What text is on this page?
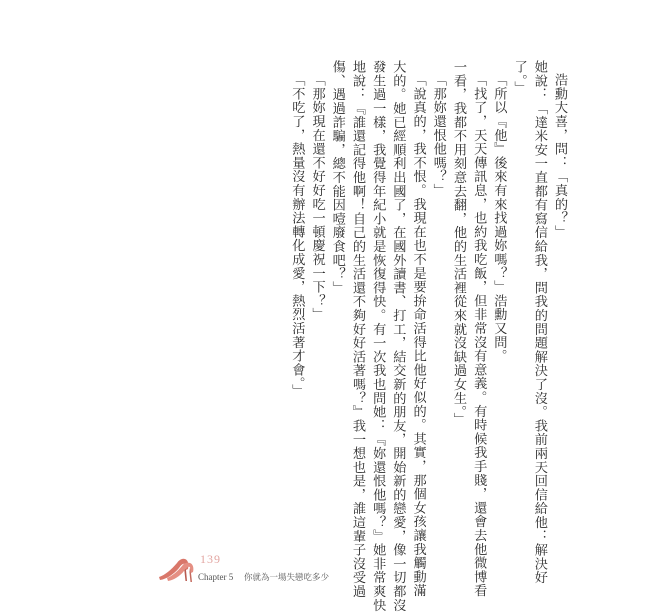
浩勳大喜，問：「真的？」

她說：「達米安一直都有寫信給我，問我的問題解決了沒。我前兩天回信給他：解決好

了。」

「所以『他』後來有來找過妳嗎？」浩勳又問。

「找了，天天傳訊息，也約我吃飯，但非常沒有意義。有時候我手賤，還會去他微博看

一看，我都不用刻意去翻，他的生活裡從來就沒缺過女生。」

「那妳還恨他嗎？」

「說真的，我不恨。我現在也不是要拚命活得比他好似的。其實，那個女孩讓我觸動滿

大的。她已經順利出國了，在國外讀書、打工，結交新的朋友，開始新的戀愛，像一切都沒

發生過一樣，我覺得年紀小就是恢復得快。有一次我也問她：『妳還恨他嗎？』她非常爽快

地說：『誰還記得他啊！自己的生活還不夠好好活著嗎？』我一想也是，誰這輩子沒受過

傷、遇過詐騙，總不能因噎廢食吧？」

「那妳現在還不好好吃一頓慶祝一下？」

「不吃了，熱量沒有辦法轉化成愛，熱烈活著才會。」

139
Chapter 5 你就為一場失戀吃多少
